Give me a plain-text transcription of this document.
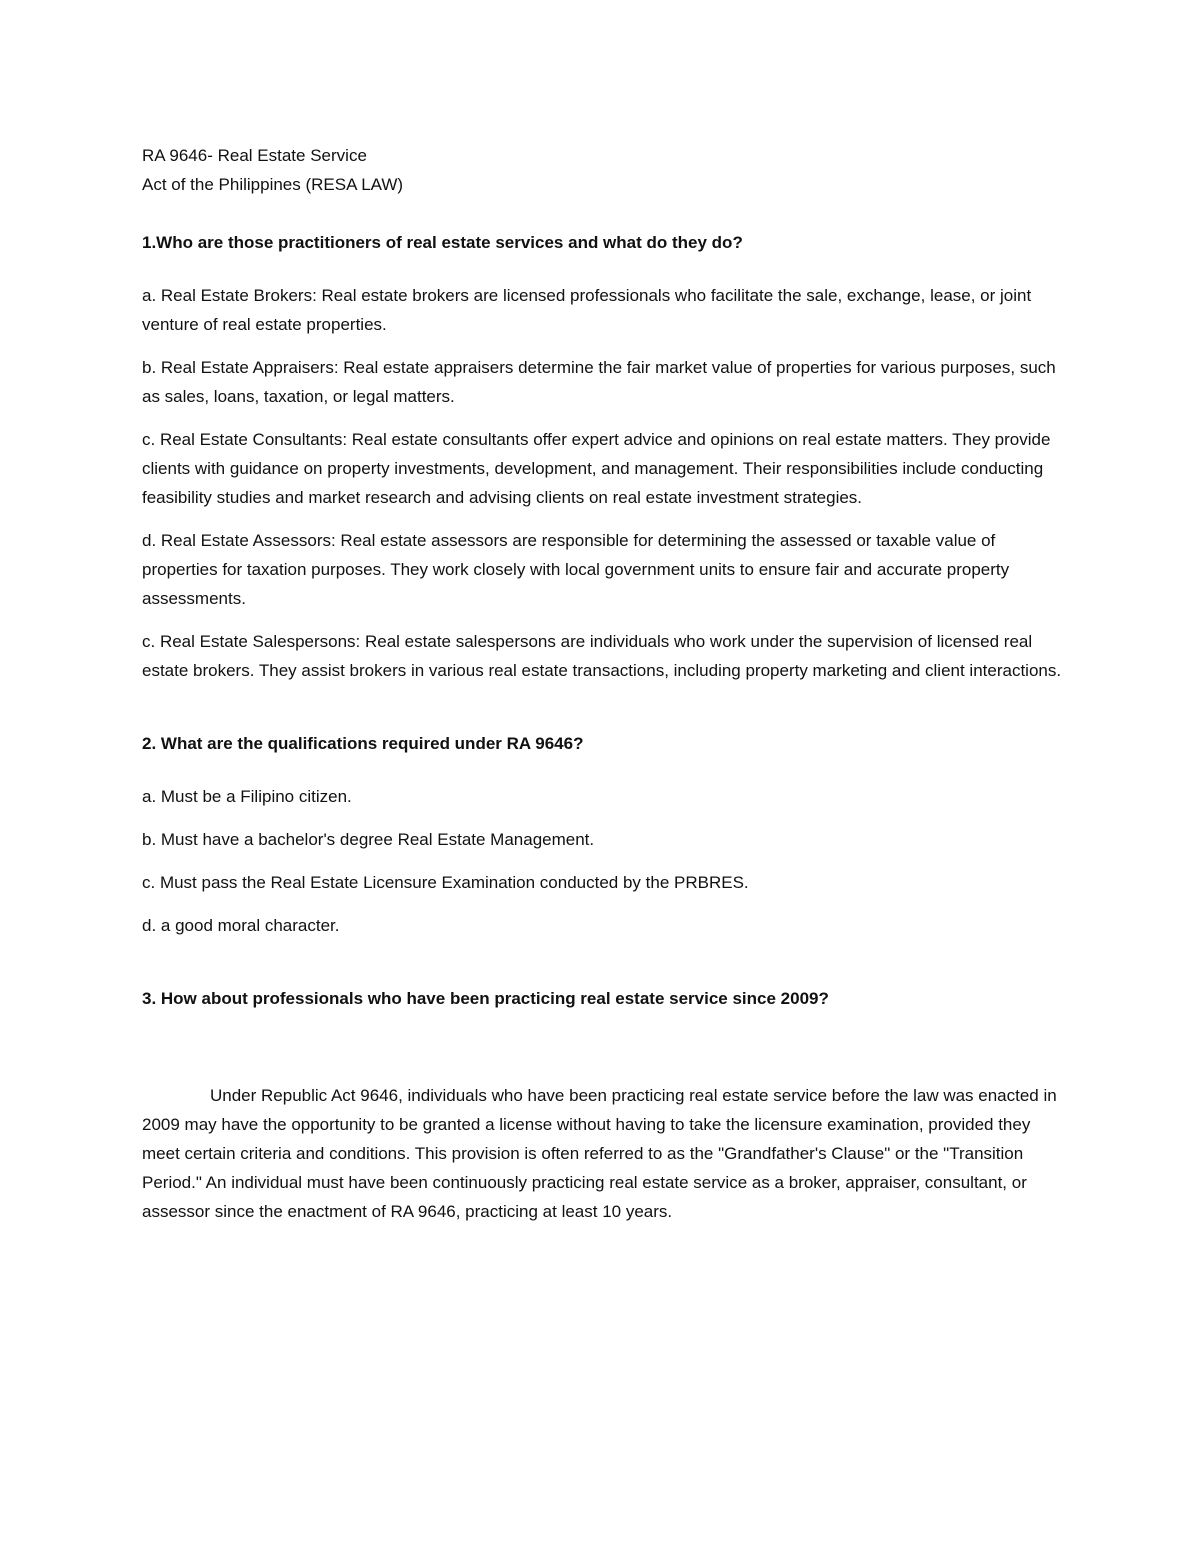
RA 9646- Real Estate Service

Act of the Philippines (RESA LAW)

1.Who are those practitioners of real estate services and what do they do?

a. Real Estate Brokers: Real estate brokers are licensed professionals who facilitate the sale, exchange, lease, or joint venture of real estate properties.

b. Real Estate Appraisers: Real estate appraisers determine the fair market value of properties for various purposes, such as sales, loans, taxation, or legal matters.

c. Real Estate Consultants: Real estate consultants offer expert advice and opinions on real estate matters. They provide clients with guidance on property investments, development, and management. Their responsibilities include conducting feasibility studies and market research and advising clients on real estate investment strategies.

d. Real Estate Assessors: Real estate assessors are responsible for determining the assessed or taxable value of properties for taxation purposes. They work closely with local government units to ensure fair and accurate property assessments.

c. Real Estate Salespersons: Real estate salespersons are individuals who work under the supervision of licensed real estate brokers. They assist brokers in various real estate transactions, including property marketing and client interactions.

2. What are the qualifications required under RA 9646?

a. Must be a Filipino citizen.

b. Must have a bachelor's degree Real Estate Management.

c. Must pass the Real Estate Licensure Examination conducted by the PRBRES.

d. a good moral character.

3. How about professionals who have been practicing real estate service since 2009?

Under Republic Act 9646, individuals who have been practicing real estate service before the law was enacted in 2009 may have the opportunity to be granted a license without having to take the licensure examination, provided they meet certain criteria and conditions. This provision is often referred to as the "Grandfather's Clause" or the "Transition Period." An individual must have been continuously practicing real estate service as a broker, appraiser, consultant, or assessor since the enactment of RA 9646, practicing at least 10 years.
